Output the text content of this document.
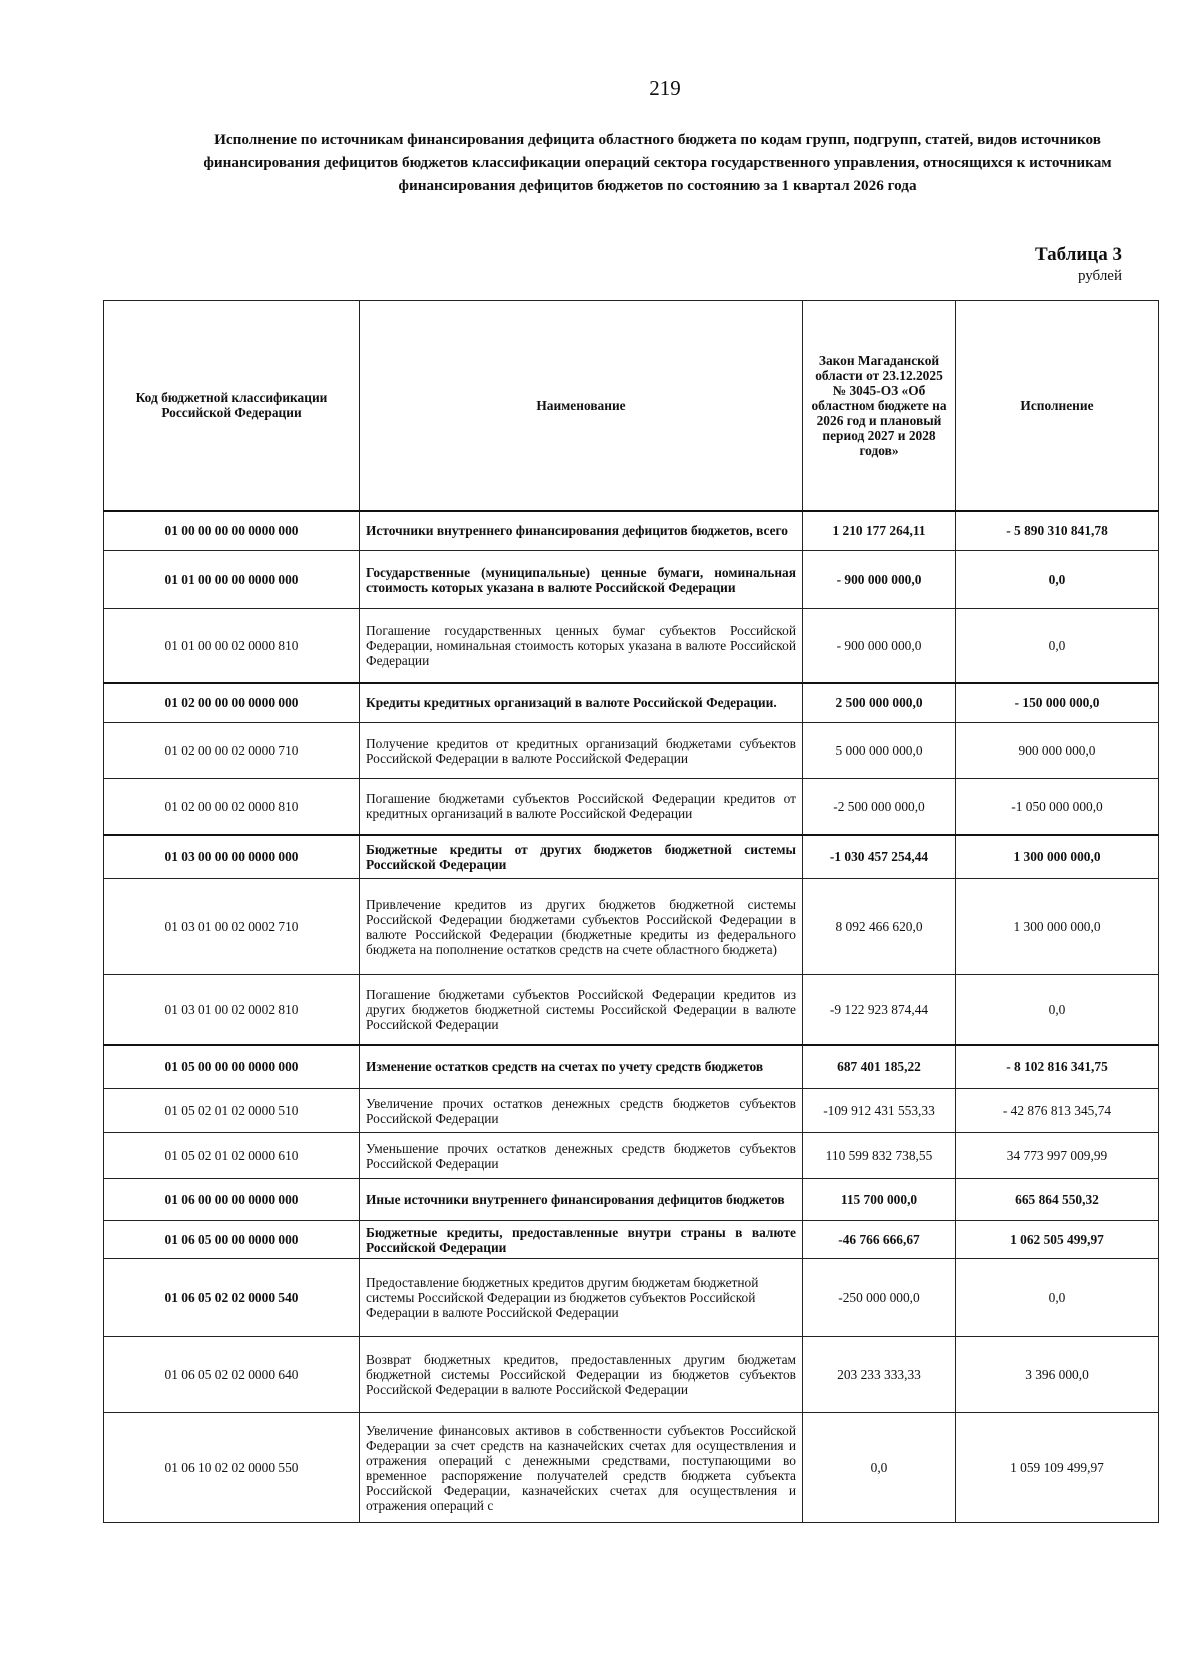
219
Исполнение по источникам финансирования дефицита областного бюджета по кодам групп, подгрупп, статей, видов источников финансирования дефицитов бюджетов классификации операций сектора государственного управления, относящихся к источникам финансирования дефицитов бюджетов по состоянию за 1 квартал 2026 года
Таблица 3
рублей
Код бюджетной классификации Российской Федерации	Наименование	Закон Магаданской области от 23.12.2025 № 3045-ОЗ «Об областном бюджете на 2026 год и плановый период 2027 и 2028 годов»	Исполнение
01 00 00 00 00 0000 000	Источники внутреннего финансирования дефицитов бюджетов, всего	1 210 177 264,11	- 5 890 310 841,78
01 01 00 00 00 0000 000	Государственные (муниципальные) ценные бумаги, номинальная стоимость которых указана в валюте Российской Федерации	- 900 000 000,0	0,0
01 01 00 00 02 0000 810	Погашение государственных ценных бумаг субъектов Российской Федерации, номинальная стоимость которых указана в валюте Российской Федерации	- 900 000 000,0	0,0
01 02 00 00 00 0000 000	Кредиты кредитных организаций в валюте Российской Федерации.	2 500 000 000,0	- 150 000 000,0
01 02 00 00 02 0000 710	Получение кредитов от кредитных организаций бюджетами субъектов Российской Федерации в валюте Российской Федерации	5 000 000 000,0	900 000 000,0
01 02 00 00 02 0000 810	Погашение бюджетами субъектов Российской Федерации кредитов от кредитных организаций в валюте Российской Федерации	-2 500 000 000,0	-1 050 000 000,0
01 03 00 00 00 0000 000	Бюджетные кредиты от других бюджетов бюджетной системы Российской Федерации	-1 030 457 254,44	1 300 000 000,0
01 03 01 00 02 0002 710	Привлечение кредитов из других бюджетов бюджетной системы Российской Федерации бюджетами субъектов Российской Федерации в валюте Российской Федерации (бюджетные кредиты из федерального бюджета на пополнение остатков средств на счете областного бюджета)	8 092 466 620,0	1 300 000 000,0
01 03 01 00 02 0002 810	Погашение бюджетами субъектов Российской Федерации кредитов из других бюджетов бюджетной системы Российской Федерации в валюте Российской Федерации	-9 122 923 874,44	0,0
01 05 00 00 00 0000 000	Изменение остатков средств на счетах по учету средств бюджетов	687 401 185,22	- 8 102 816 341,75
01 05 02 01 02 0000 510	Увеличение прочих остатков денежных средств бюджетов субъектов Российской Федерации	-109 912 431 553,33	- 42 876 813 345,74
01 05 02 01 02 0000 610	Уменьшение прочих остатков денежных средств бюджетов субъектов Российской Федерации	110 599 832 738,55	34 773 997 009,99
01 06 00 00 00 0000 000	Иные источники внутреннего финансирования дефицитов бюджетов	115 700 000,0	665 864 550,32
01 06 05 00 00 0000 000	Бюджетные кредиты, предоставленные внутри страны в валюте Российской Федерации	-46 766 666,67	1 062 505 499,97
01 06 05 02 02 0000 540	Предоставление бюджетных кредитов другим бюджетам бюджетной системы Российской Федерации из бюджетов субъектов Российской Федерации в валюте Российской Федерации	-250 000 000,0	0,0
01 06 05 02 02 0000 640	Возврат бюджетных кредитов, предоставленных другим бюджетам бюджетной системы Российской Федерации из бюджетов субъектов Российской Федерации в валюте Российской Федерации	203 233 333,33	3 396 000,0
01 06 10 02 02 0000 550	Увеличение финансовых активов в собственности субъектов Российской Федерации за счет средств на казначейских счетах для осуществления и отражения операций с денежными средствами, поступающими во временное распоряжение получателей средств бюджета субъекта Российской Федерации, казначейских счетах для осуществления и отражения операций с	0,0	1 059 109 499,97
